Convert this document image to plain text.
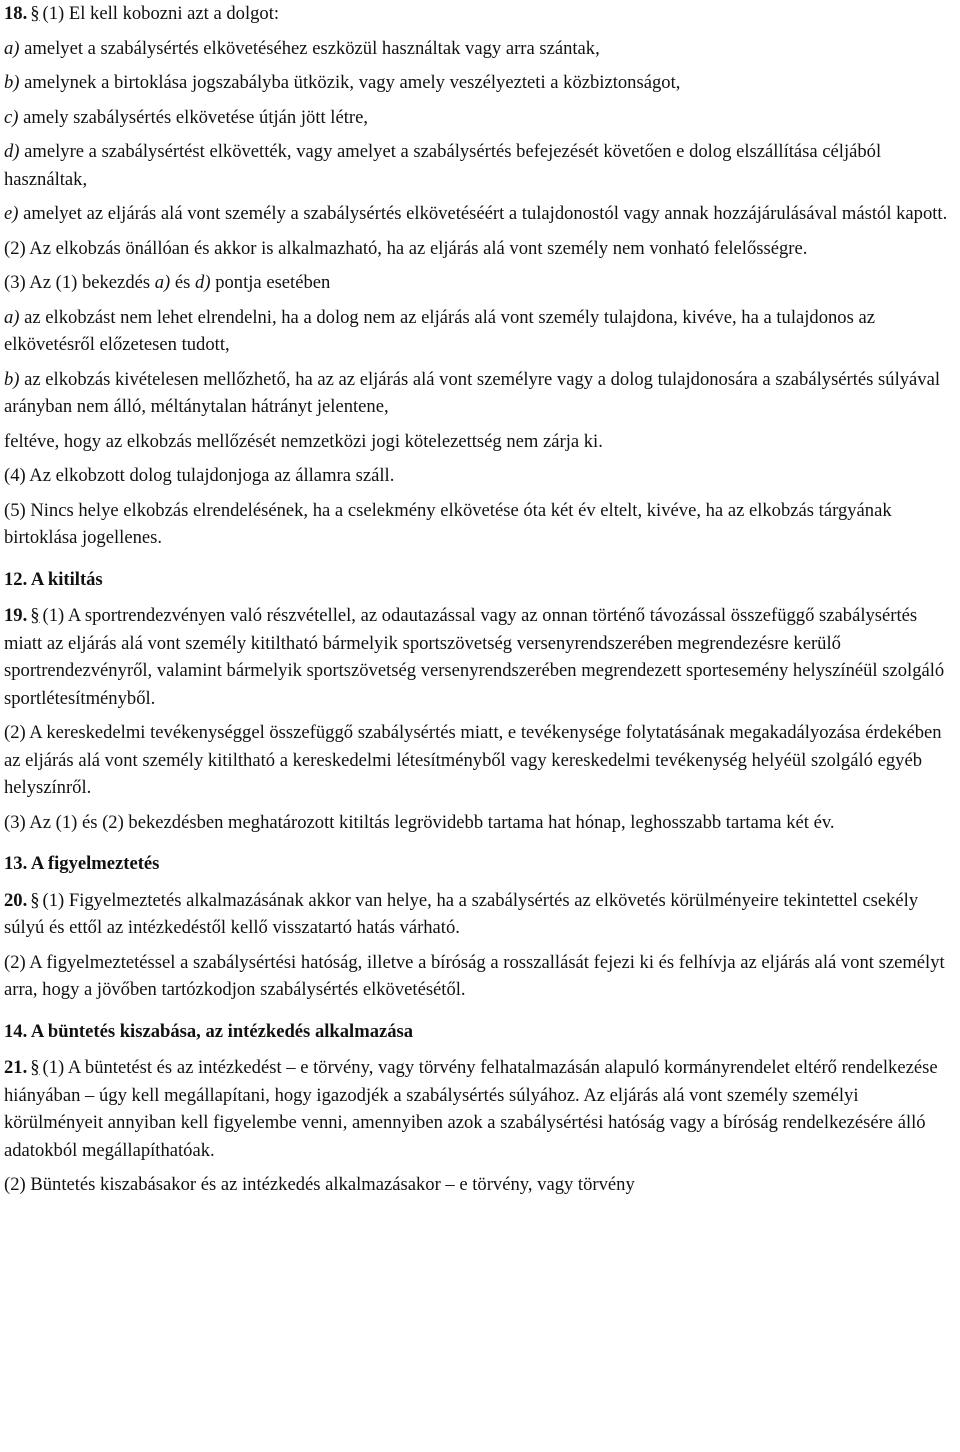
18. § (1) El kell kobozni azt a dolgot:
a) amelyet a szabálysértés elkövetéséhez eszközül használtak vagy arra szántak,
b) amelynek a birtoklása jogszabályba ütközik, vagy amely veszélyezteti a közbiztonságot,
c) amely szabálysértés elkövetése útján jött létre,
d) amelyre a szabálysértést elkövették, vagy amelyet a szabálysértés befejezését követően e dolog elszállítása céljából használtak,
e) amelyet az eljárás alá vont személy a szabálysértés elkövetéséért a tulajdonostól vagy annak hozzájárulásával mástól kapott.
(2) Az elkobzás önállóan és akkor is alkalmazható, ha az eljárás alá vont személy nem vonható felelősségre.
(3) Az (1) bekezdés a) és d) pontja esetében
a) az elkobzást nem lehet elrendelni, ha a dolog nem az eljárás alá vont személy tulajdona, kivéve, ha a tulajdonos az elkövetésről előzetesen tudott,
b) az elkobzás kivételesen mellőzhető, ha az az eljárás alá vont személyre vagy a dolog tulajdonosára a szabálysértés súlyával arányban nem álló, méltánytalan hátrányt jelentene,
feltéve, hogy az elkobzás mellőzését nemzetközi jogi kötelezettség nem zárja ki.
(4) Az elkobzott dolog tulajdonjoga az államra száll.
(5) Nincs helye elkobzás elrendelésének, ha a cselekmény elkövetése óta két év eltelt, kivéve, ha az elkobzás tárgyának birtoklása jogellenes.
12. A kitiltás
19. § (1) A sportrendezvényen való részvétellel, az odautazással vagy az onnan történő távozással összefüggő szabálysértés miatt az eljárás alá vont személy kitiltható bármelyik sportszövetség versenyrendszerében megrendezésre kerülő sportrendezvényről, valamint bármelyik sportszövetség versenyrendszerében megrendezett sportesemény helyszínéül szolgáló sportlétesítményből.
(2) A kereskedelmi tevékenységgel összefüggő szabálysértés miatt, e tevékenysége folytatásának megakadályozása érdekében az eljárás alá vont személy kitiltható a kereskedelmi létesítményből vagy kereskedelmi tevékenység helyéül szolgáló egyéb helyszínről.
(3) Az (1) és (2) bekezdésben meghatározott kitiltás legrövidebb tartama hat hónap, leghosszabb tartama két év.
13. A figyelmeztetés
20. § (1) Figyelmeztetés alkalmazásának akkor van helye, ha a szabálysértés az elkövetés körülményeire tekintettel csekély súlyú és ettől az intézkedéstől kellő visszatartó hatás várható.
(2) A figyelmeztetéssel a szabálysértési hatóság, illetve a bíróság a rosszallását fejezi ki és felhívja az eljárás alá vont személyt arra, hogy a jövőben tartózkodjon szabálysértés elkövetésétől.
14. A büntetés kiszabása, az intézkedés alkalmazása
21. § (1) A büntetést és az intézkedést – e törvény, vagy törvény felhatalmazásán alapuló kormányrendelet eltérő rendelkezése hiányában – úgy kell megállapítani, hogy igazodjék a szabálysértés súlyához. Az eljárás alá vont személy személyi körülményeit annyiban kell figyelembe venni, amennyiben azok a szabálysértési hatóság vagy a bíróság rendelkezésére álló adatokból megállapíthatóak.
(2) Büntetés kiszabásakor és az intézkedés alkalmazásakor – e törvény, vagy törvény
